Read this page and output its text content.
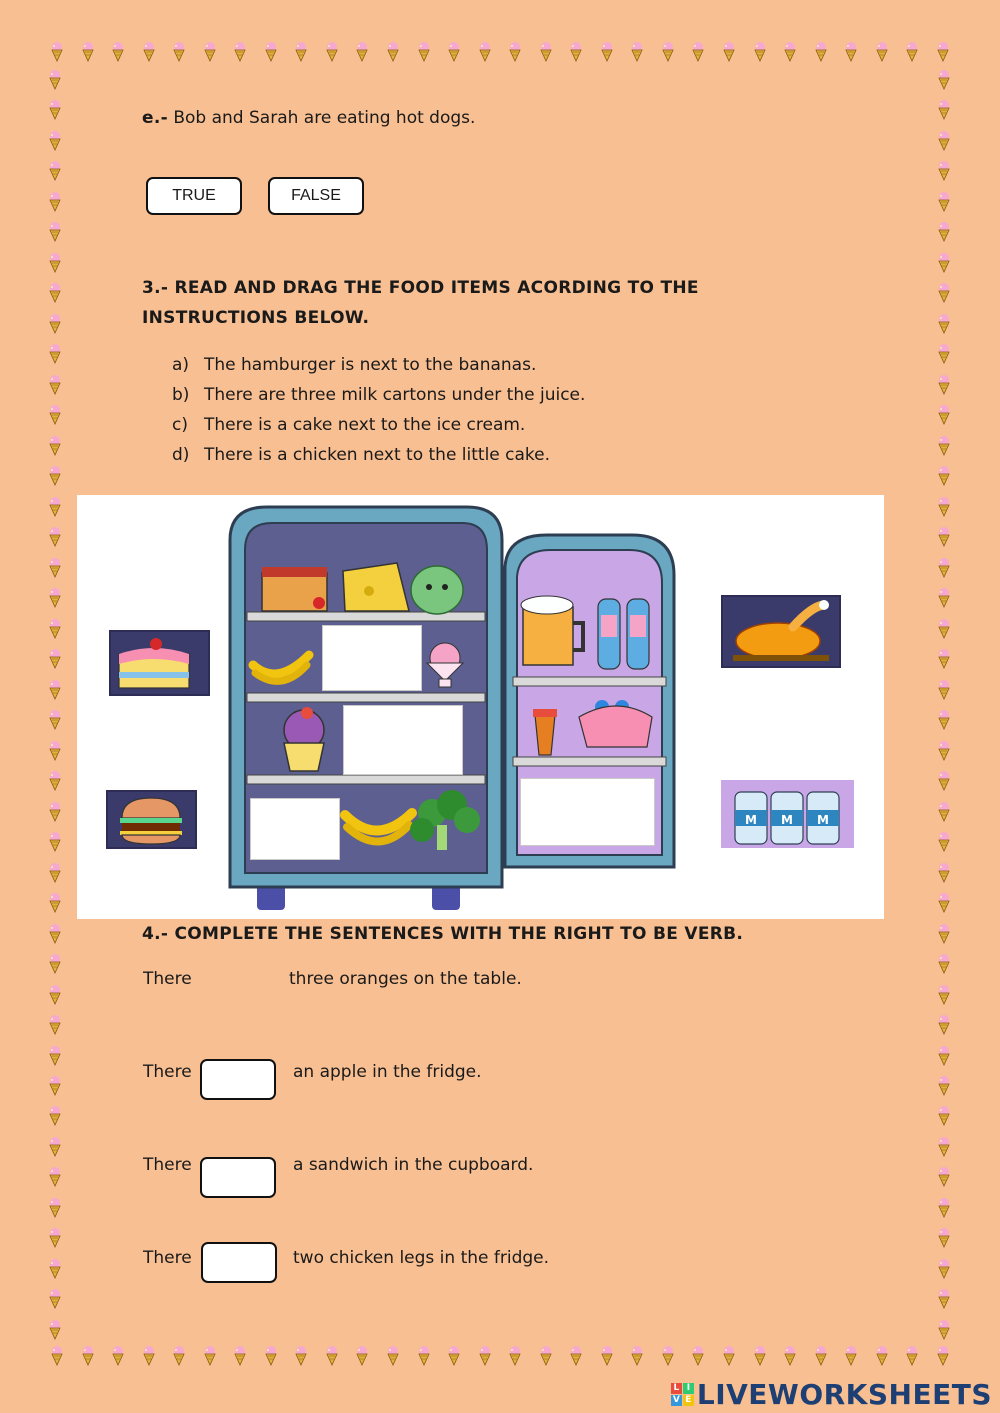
e.- Bob and Sarah are eating hot dogs.
TRUE	FALSE
3.- READ AND DRAG THE FOOD ITEMS ACORDING TO THE
INSTRUCTIONS BELOW.
a) The hamburger is next to the bananas.
b) There are three milk cartons under the juice.
c) There is a cake next to the ice cream.
d) There is a chicken next to the little cake.
M M M
4.- COMPLETE THE SENTENCES WITH THE RIGHT TO BE VERB.
There	three oranges on the table.
There	an apple in the fridge.
There	a sandwich in the cupboard.
There	two chicken legs in the fridge.
L I
V E LIVEWORKSHEETS
